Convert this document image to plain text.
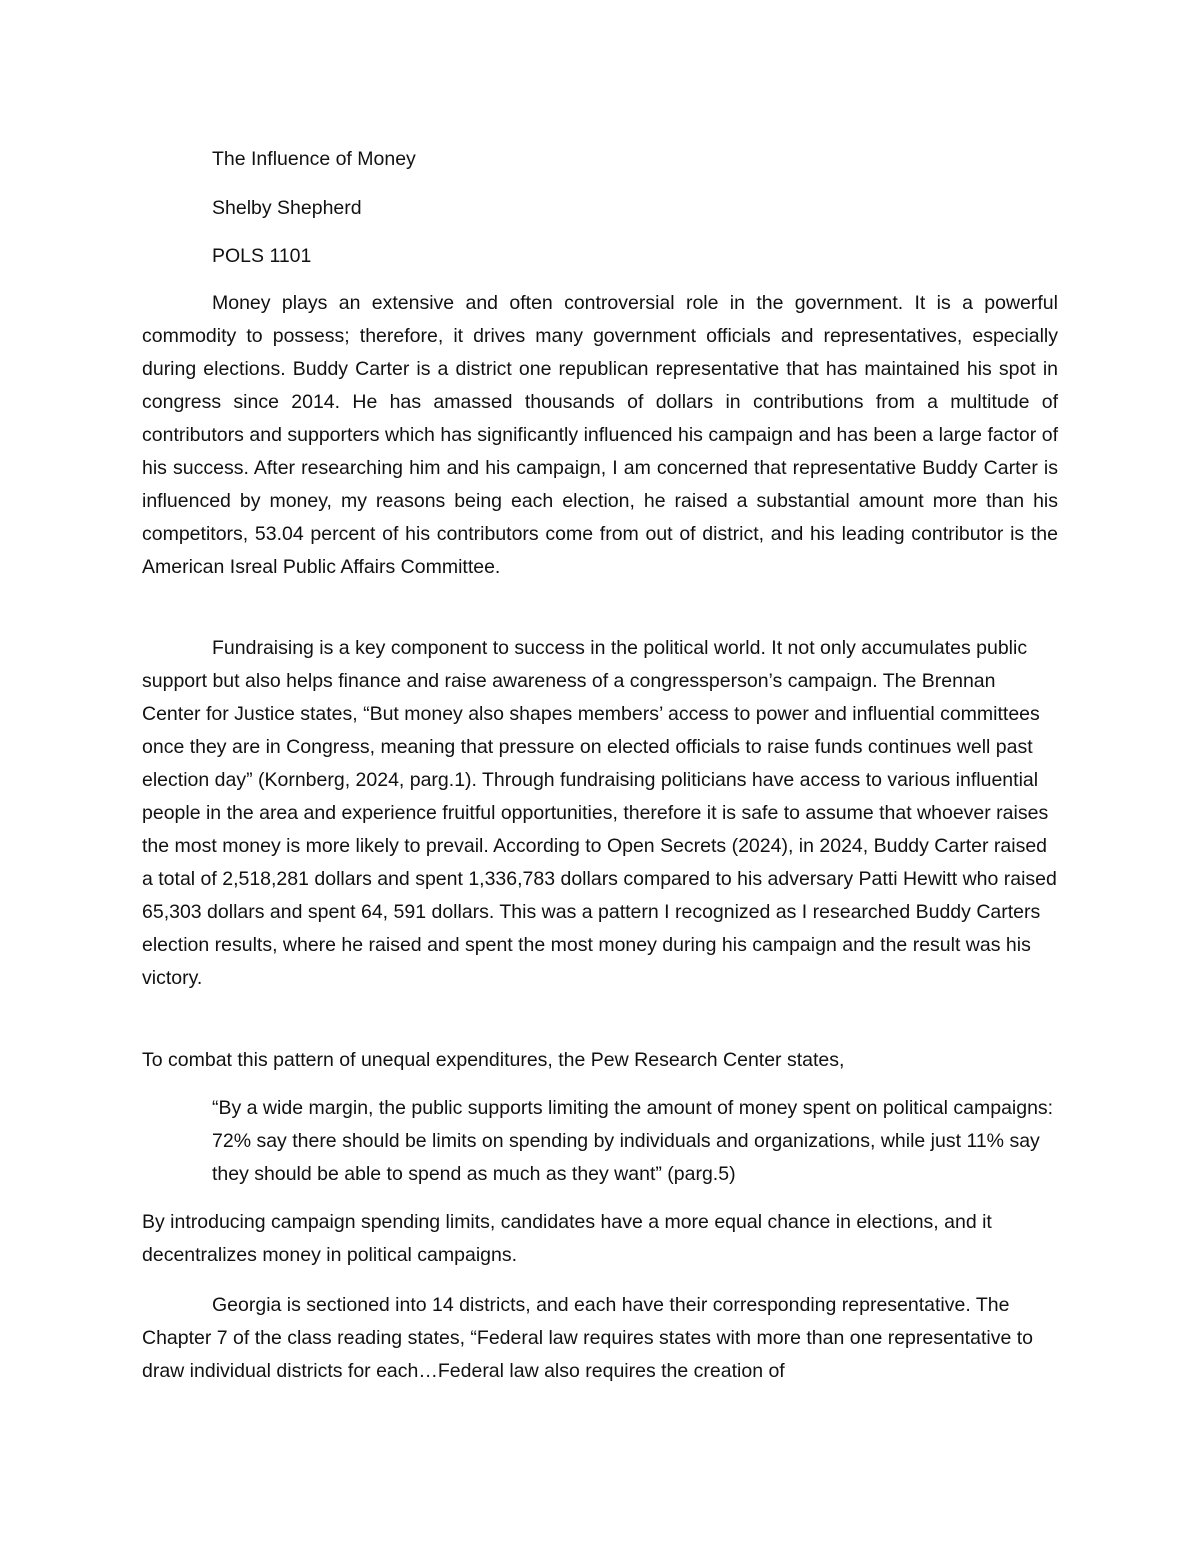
The Influence of Money

Shelby Shepherd

POLS 1101

Money plays an extensive and often controversial role in the government. It is a powerful commodity to possess; therefore, it drives many government officials and representatives, especially during elections. Buddy Carter is a district one republican representative that has maintained his spot in congress since 2014. He has amassed thousands of dollars in contributions from a multitude of contributors and supporters which has significantly influenced his campaign and has been a large factor of his success. After researching him and his campaign, I am concerned that representative Buddy Carter is influenced by money, my reasons being each election, he raised a substantial amount more than his competitors, 53.04 percent of his contributors come from out of district, and his leading contributor is the American Isreal Public Affairs Committee.

Fundraising is a key component to success in the political world. It not only accumulates public support but also helps finance and raise awareness of a congressperson’s campaign. The Brennan Center for Justice states, “But money also shapes members’ access to power and influential committees once they are in Congress, meaning that pressure on elected officials to raise funds continues well past election day” (Kornberg, 2024, parg.1). Through fundraising politicians have access to various influential people in the area and experience fruitful opportunities, therefore it is safe to assume that whoever raises the most money is more likely to prevail. According to Open Secrets (2024), in 2024, Buddy Carter raised a total of 2,518,281 dollars and spent 1,336,783 dollars compared to his adversary Patti Hewitt who raised 65,303 dollars and spent 64, 591 dollars. This was a pattern I recognized as I researched Buddy Carters election results, where he raised and spent the most money during his campaign and the result was his victory.

To combat this pattern of unequal expenditures, the Pew Research Center states,

“By a wide margin, the public supports limiting the amount of money spent on political campaigns: 72% say there should be limits on spending by individuals and organizations, while just 11% say they should be able to spend as much as they want” (parg.5)

By introducing campaign spending limits, candidates have a more equal chance in elections, and it decentralizes money in political campaigns.

Georgia is sectioned into 14 districts, and each have their corresponding representative. The Chapter 7 of the class reading states, “Federal law requires states with more than one representative to draw individual districts for each…Federal law also requires the creation of
